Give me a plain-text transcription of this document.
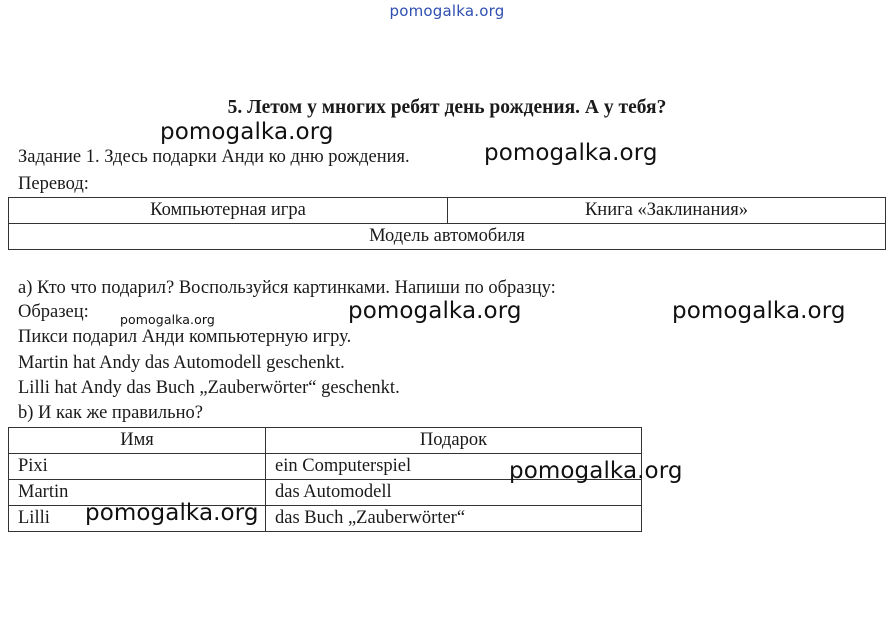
pomogalka.org
5. Летом у многих ребят день рождения. А у тебя?
Задание 1. Здесь подарки Анди ко дню рождения.
Перевод:
Компьютерная игра	Книга «Заклинания»
Модель автомобиля
а) Кто что подарил? Воспользуйся картинками. Напиши по образцу:
Образец:
Пикси подарил Анди компьютерную игру.
Martin hat Andy das Automodell geschenkt.
Lilli hat Andy das Buch „Zauberwörter“ geschenkt.
b) И как же правильно?
Имя	Подарок
Pixi	ein Computerspiel
Martin	das Automodell
Lilli	das Buch „Zauberwörter“
pomogalka.org
pomogalka.org
pomogalka.org	pomogalka.org	pomogalka.org
pomogalka.org
pomogalka.org
